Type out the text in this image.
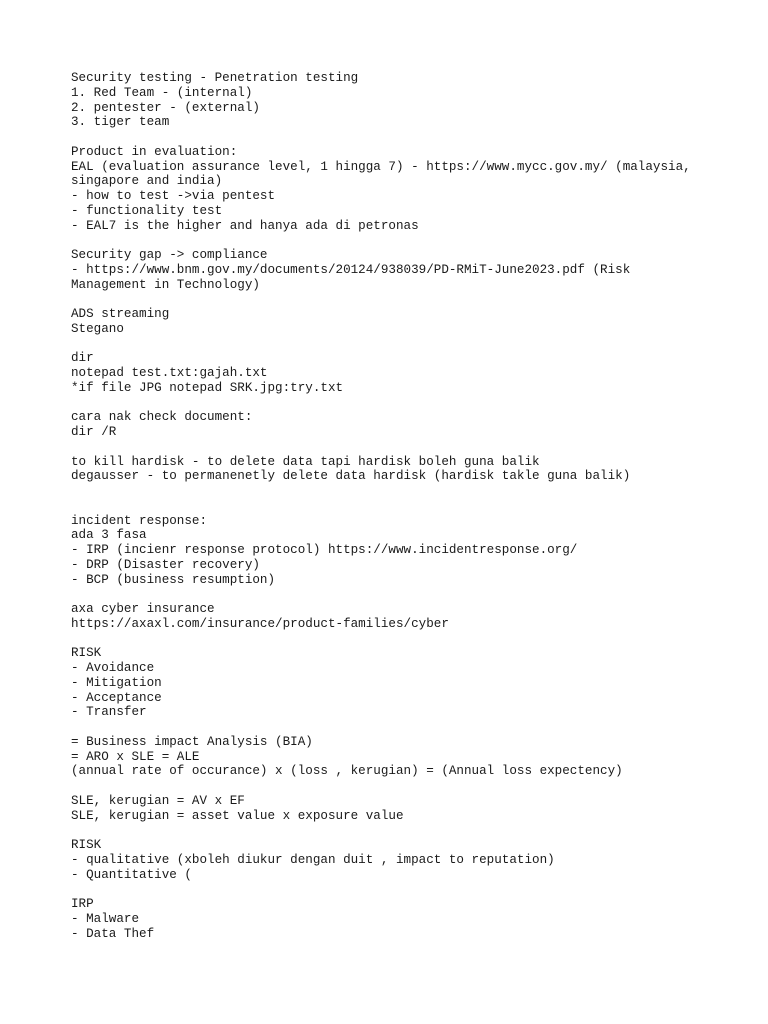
Security testing - Penetration testing
1. Red Team - (internal)
2. pentester - (external)
3. tiger team
Product in evaluation:
EAL (evaluation assurance level, 1 hingga 7) - https://www.mycc.gov.my/ (malaysia,
singapore and india)
- how to test ->via pentest
- functionality test
- EAL7 is the higher and hanya ada di petronas
Security gap -> compliance
- https://www.bnm.gov.my/documents/20124/938039/PD-RMiT-June2023.pdf (Risk
Management in Technology)
ADS streaming
Stegano
dir
notepad test.txt:gajah.txt
*if file JPG notepad SRK.jpg:try.txt
cara nak check document:
dir /R
to kill hardisk - to delete data tapi hardisk boleh guna balik
degausser - to permanenetly delete data hardisk (hardisk takle guna balik)
incident response:
ada 3 fasa
- IRP (incienr response protocol) https://www.incidentresponse.org/
- DRP (Disaster recovery)
- BCP (business resumption)
axa cyber insurance
https://axaxl.com/insurance/product-families/cyber
RISK
- Avoidance
- Mitigation
- Acceptance
- Transfer
= Business impact Analysis (BIA)
= ARO x SLE = ALE
(annual rate of occurance) x (loss , kerugian) = (Annual loss expectency)
SLE, kerugian = AV x EF
SLE, kerugian = asset value x exposure value
RISK
- qualitative (xboleh diukur dengan duit , impact to reputation)
- Quantitative (
IRP
- Malware
- Data Thef
